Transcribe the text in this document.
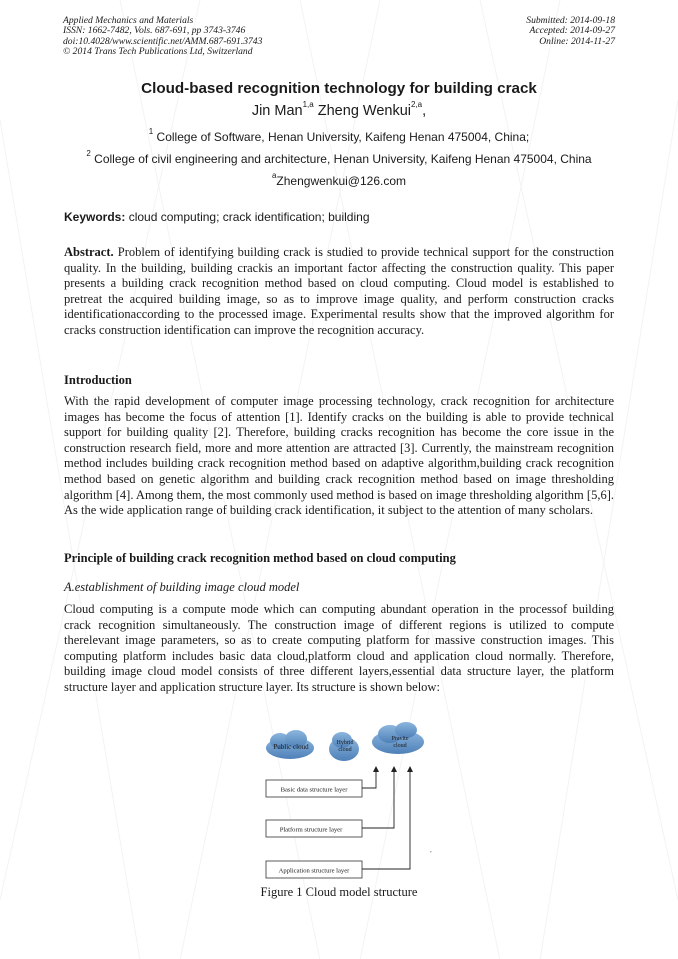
Applied Mechanics and Materials
ISSN: 1662-7482, Vols. 687-691, pp 3743-3746
doi:10.4028/www.scientific.net/AMM.687-691.3743
© 2014 Trans Tech Publications Ltd, Switzerland
Submitted: 2014-09-18
Accepted: 2014-09-27
Online: 2014-11-27
Cloud-based recognition technology for building crack
Jin Man$^{1,a}$ Zheng Wenkui$^{2,a}$,
$^1$ College of Software, Henan University, Kaifeng Henan 475004, China;
$^2$ College of civil engineering and architecture, Henan University, Kaifeng Henan 475004, China
$^a$Zhengwenkui@126.com
Keywords: cloud computing; crack identification; building
Abstract. Problem of identifying building crack is studied to provide technical support for the construction quality. In the building, building crackis an important factor affecting the construction quality. This paper presents a building crack recognition method based on cloud computing. Cloud model is established to pretreat the acquired building image, so as to improve image quality, and perform construction cracks identificationaccording to the processed image. Experimental results show that the improved algorithm for cracks construction identification can improve the recognition accuracy.
Introduction
With the rapid development of computer image processing technology, crack recognition for architecture images has become the focus of attention [1]. Identify cracks on the building is able to provide technical support for building quality [2]. Therefore, building cracks recognition has become the core issue in the construction research field, more and more attention are attracted [3]. Currently, the mainstream recognition method includes building crack recognition method based on adaptive algorithm,building crack recognition method based on genetic algorithm and building crack recognition method based on image thresholding algorithm [4]. Among them, the most commonly used method is based on image thresholding algorithm [5,6]. As the wide application range of building crack identification, it subject to the attention of many scholars.
Principle of building crack recognition method based on cloud computing
A.establishment of building image cloud model
Cloud computing is a compute mode which can computing abundant operation in the processof building crack recognition simultaneously. The construction image of different regions is utilized to compute therelevant image parameters, so as to create computing platform for massive construction images. This computing platform includes basic data cloud,platform cloud and application cloud normally. Therefore, building image cloud model consists of three different layers,essential data structure layer, the platform structure layer and application structure layer. Its structure is shown below:
Public cloud	Hybrid cloud
Pravite cloud
Basic data structure layer
Platform structure layer
Application structure layer
,
Figure 1 Cloud model structure
